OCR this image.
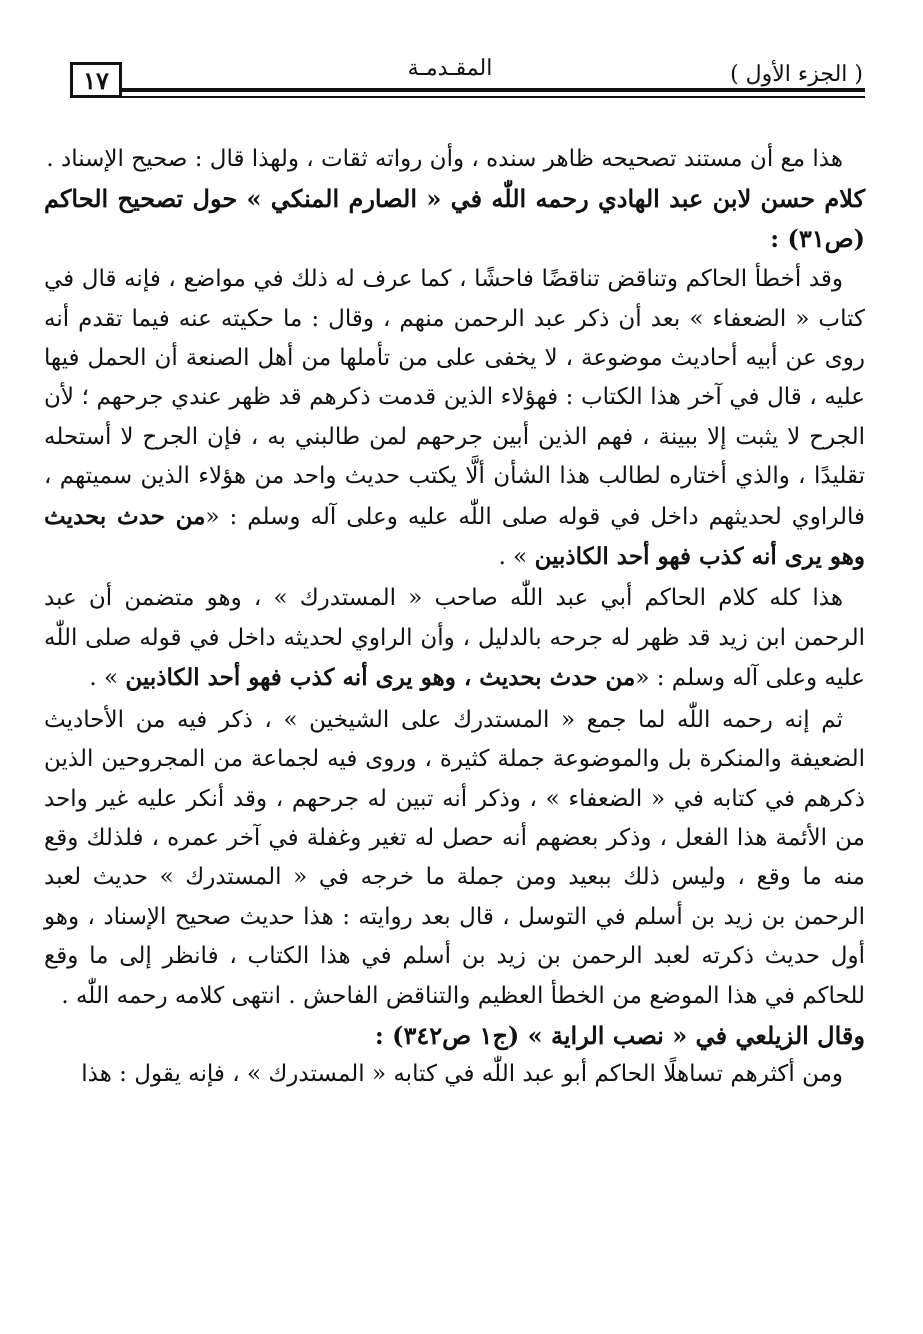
١٧	المقـدمـة	( الجزء الأول )

هذا مع أن مستند تصحيحه ظاهر سنده ، وأن رواته ثقات ، ولهذا قال : صحيح الإسناد .

كلام حسن لابن عبد الهادي رحمه اللّٰه في « الصارم المنكي » حول تصحيح الحاكم (ص٣١) :

وقد أخطأ الحاكم وتناقض تناقضًا فاحشًا ، كما عرف له ذلك في مواضع ، فإنه قال في كتاب « الضعفاء » بعد أن ذكر عبد الرحمن منهم ، وقال : ما حكيته عنه فيما تقدم أنه روى عن أبيه أحاديث موضوعة ، لا يخفى على من تأملها من أهل الصنعة أن الحمل فيها عليه ، قال في آخر هذا الكتاب : فهؤلاء الذين قدمت ذكرهم قد ظهر عندي جرحهم ؛ لأن الجرح لا يثبت إلا ببينة ، فهم الذين أبين جرحهم لمن طالبني به ، فإن الجرح لا أستحله تقليدًا ، والذي أختاره لطالب هذا الشأن ألَّا يكتب حديث واحد من هؤلاء الذين سميتهم ، فالراوي لحديثهم داخل في قوله صلى اللّٰه عليه وعلى آله وسلم : «من حدث بحديث وهو يرى أنه كذب فهو أحد الكاذبين » .

هذا كله كلام الحاكم أبي عبد اللّٰه صاحب « المستدرك » ، وهو متضمن أن عبد الرحمن ابن زيد قد ظهر له جرحه بالدليل ، وأن الراوي لحديثه داخل في قوله صلى اللّٰه عليه وعلى آله وسلم : «من حدث بحديث ، وهو يرى أنه كذب فهو أحد الكاذبين » .

ثم إنه رحمه اللّٰه لما جمع « المستدرك على الشيخين » ، ذكر فيه من الأحاديث الضعيفة والمنكرة بل والموضوعة جملة كثيرة ، وروى فيه لجماعة من المجروحين الذين ذكرهم في كتابه في « الضعفاء » ، وذكر أنه تبين له جرحهم ، وقد أنكر عليه غير واحد من الأئمة هذا الفعل ، وذكر بعضهم أنه حصل له تغير وغفلة في آخر عمره ، فلذلك وقع منه ما وقع ، وليس ذلك ببعيد ومن جملة ما خرجه في « المستدرك » حديث لعبد الرحمن بن زيد بن أسلم في التوسل ، قال بعد روايته : هذا حديث صحيح الإسناد ، وهو أول حديث ذكرته لعبد الرحمن بن زيد بن أسلم في هذا الكتاب ، فانظر إلى ما وقع للحاكم في هذا الموضع من الخطأ العظيم والتناقض الفاحش . انتهى كلامه رحمه اللّٰه .

وقال الزيلعي في « نصب الراية » (ج١ ص٣٤٢) :

ومن أكثرهم تساهلًا الحاكم أبو عبد اللّٰه في كتابه « المستدرك » ، فإنه يقول : هذا
